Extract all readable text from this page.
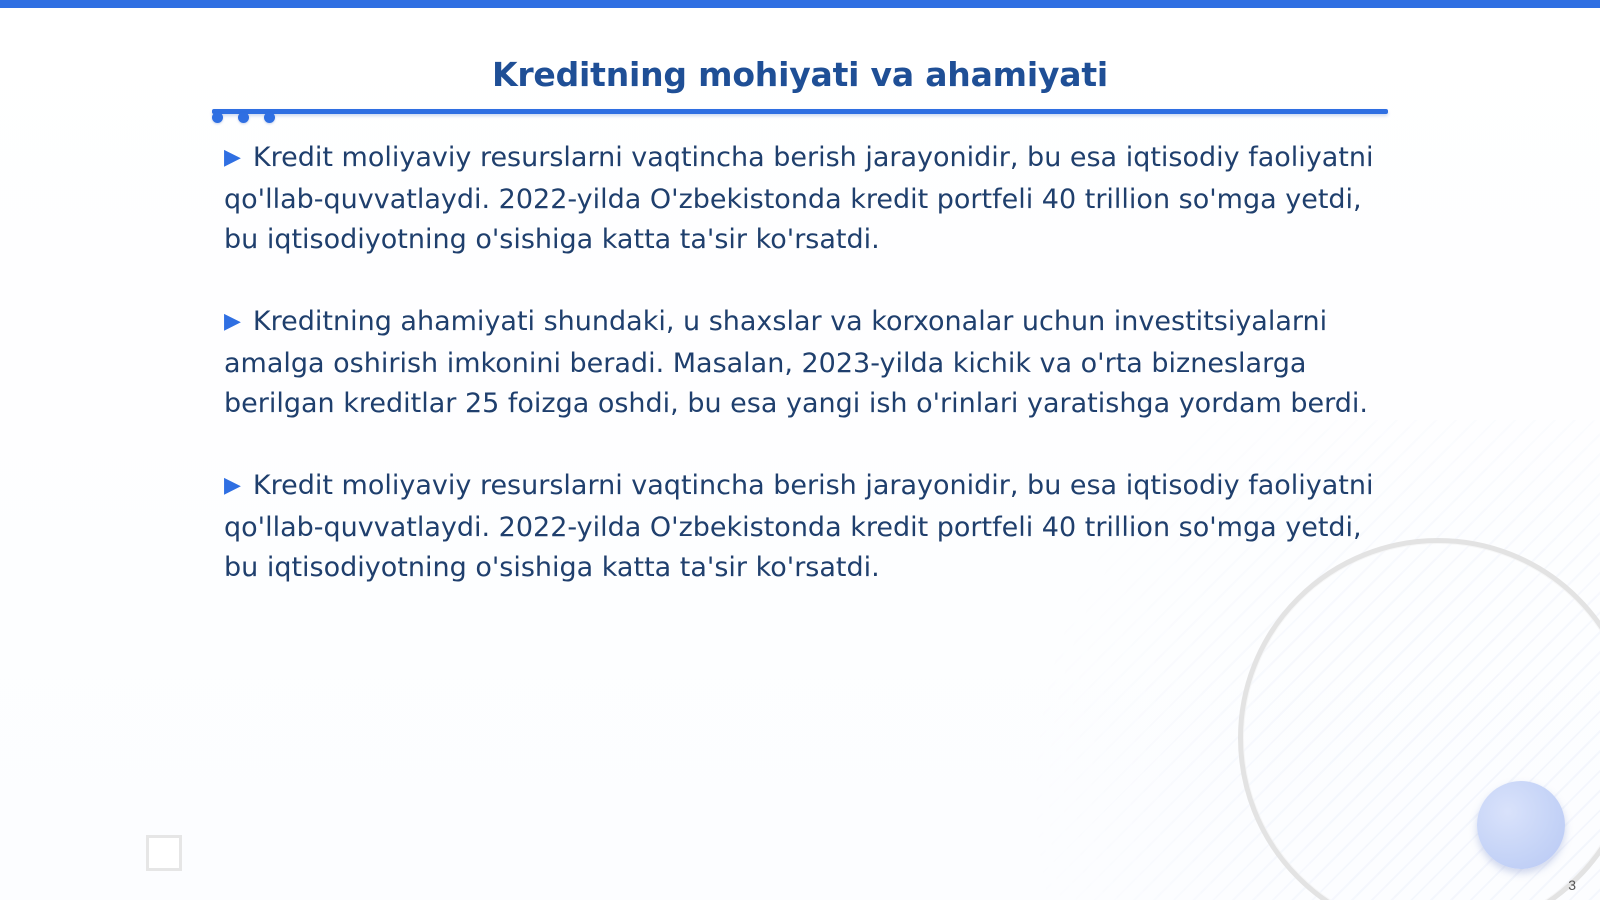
Kreditning mohiyati va ahamiyati
▶ Kredit moliyaviy resurslarni vaqtincha berish jarayonidir, bu esa iqtisodiy faoliyatni qo'llab-quvvatlaydi. 2022-yilda O'zbekistonda kredit portfeli 40 trillion so'mga yetdi, bu iqtisodiyotning o'sishiga katta ta'sir ko'rsatdi.
▶ Kreditning ahamiyati shundaki, u shaxslar va korxonalar uchun investitsiyalarni amalga oshirish imkonini beradi. Masalan, 2023-yilda kichik va o'rta bizneslarga berilgan kreditlar 25 foizga oshdi, bu esa yangi ish o'rinlari yaratishga yordam berdi.
▶ Kredit moliyaviy resurslarni vaqtincha berish jarayonidir, bu esa iqtisodiy faoliyatni qo'llab-quvvatlaydi. 2022-yilda O'zbekistonda kredit portfeli 40 trillion so'mga yetdi, bu iqtisodiyotning o'sishiga katta ta'sir ko'rsatdi.
3
